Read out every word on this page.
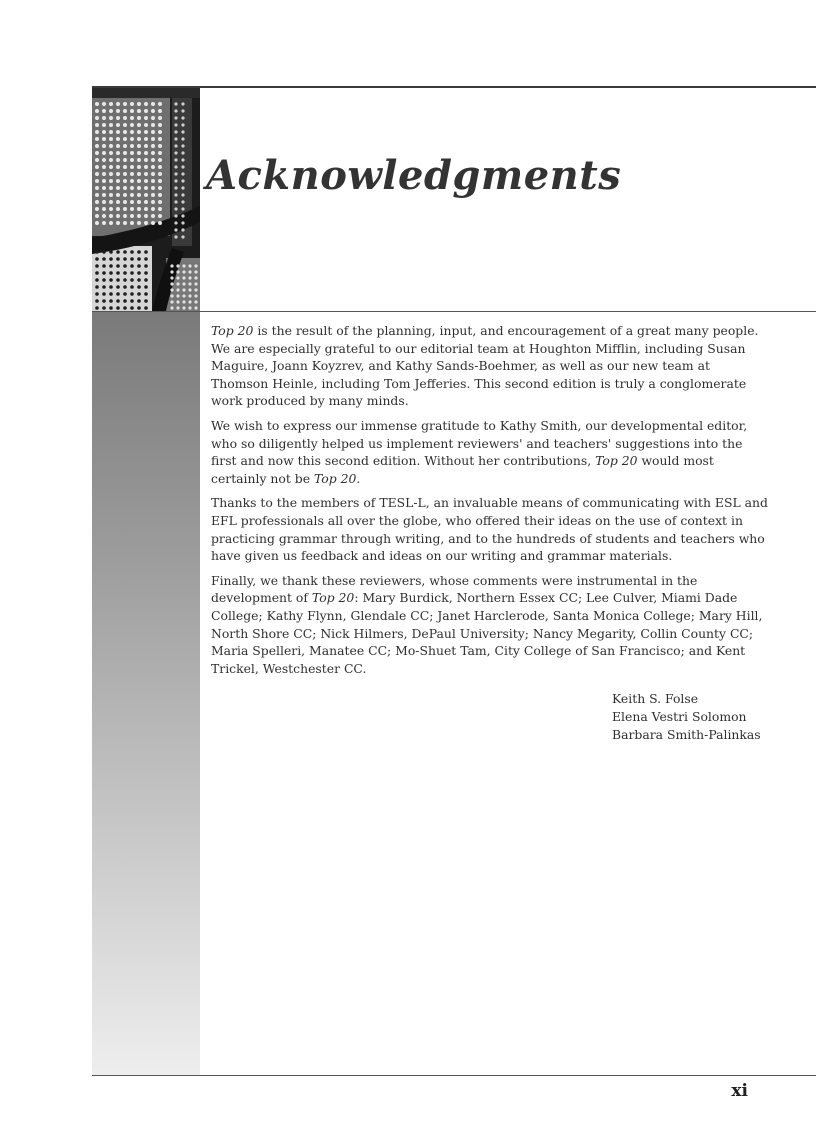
Acknowledgments

Top 20 is the result of the planning, input, and encouragement of a great many people. We are especially grateful to our editorial team at Houghton Mifflin, including Susan Maguire, Joann Koyzrev, and Kathy Sands-Boehmer, as well as our new team at Thomson Heinle, including Tom Jefferies. This second edition is truly a conglomerate work produced by many minds.

We wish to express our immense gratitude to Kathy Smith, our developmental editor, who so diligently helped us implement reviewers' and teachers' suggestions into the first and now this second edition. Without her contributions, Top 20 would most certainly not be Top 20.

Thanks to the members of TESL-L, an invaluable means of communicating with ESL and EFL professionals all over the globe, who offered their ideas on the use of context in practicing grammar through writing, and to the hundreds of students and teachers who have given us feedback and ideas on our writing and grammar materials.

Finally, we thank these reviewers, whose comments were instrumental in the development of Top 20: Mary Burdick, Northern Essex CC; Lee Culver, Miami Dade College; Kathy Flynn, Glendale CC; Janet Harclerode, Santa Monica College; Mary Hill, North Shore CC; Nick Hilmers, DePaul University; Nancy Megarity, Collin County CC; Maria Spelleri, Manatee CC; Mo-Shuet Tam, City College of San Francisco; and Kent Trickel, Westchester CC.

Keith S. Folse
Elena Vestri Solomon
Barbara Smith-Palinkas
xi
